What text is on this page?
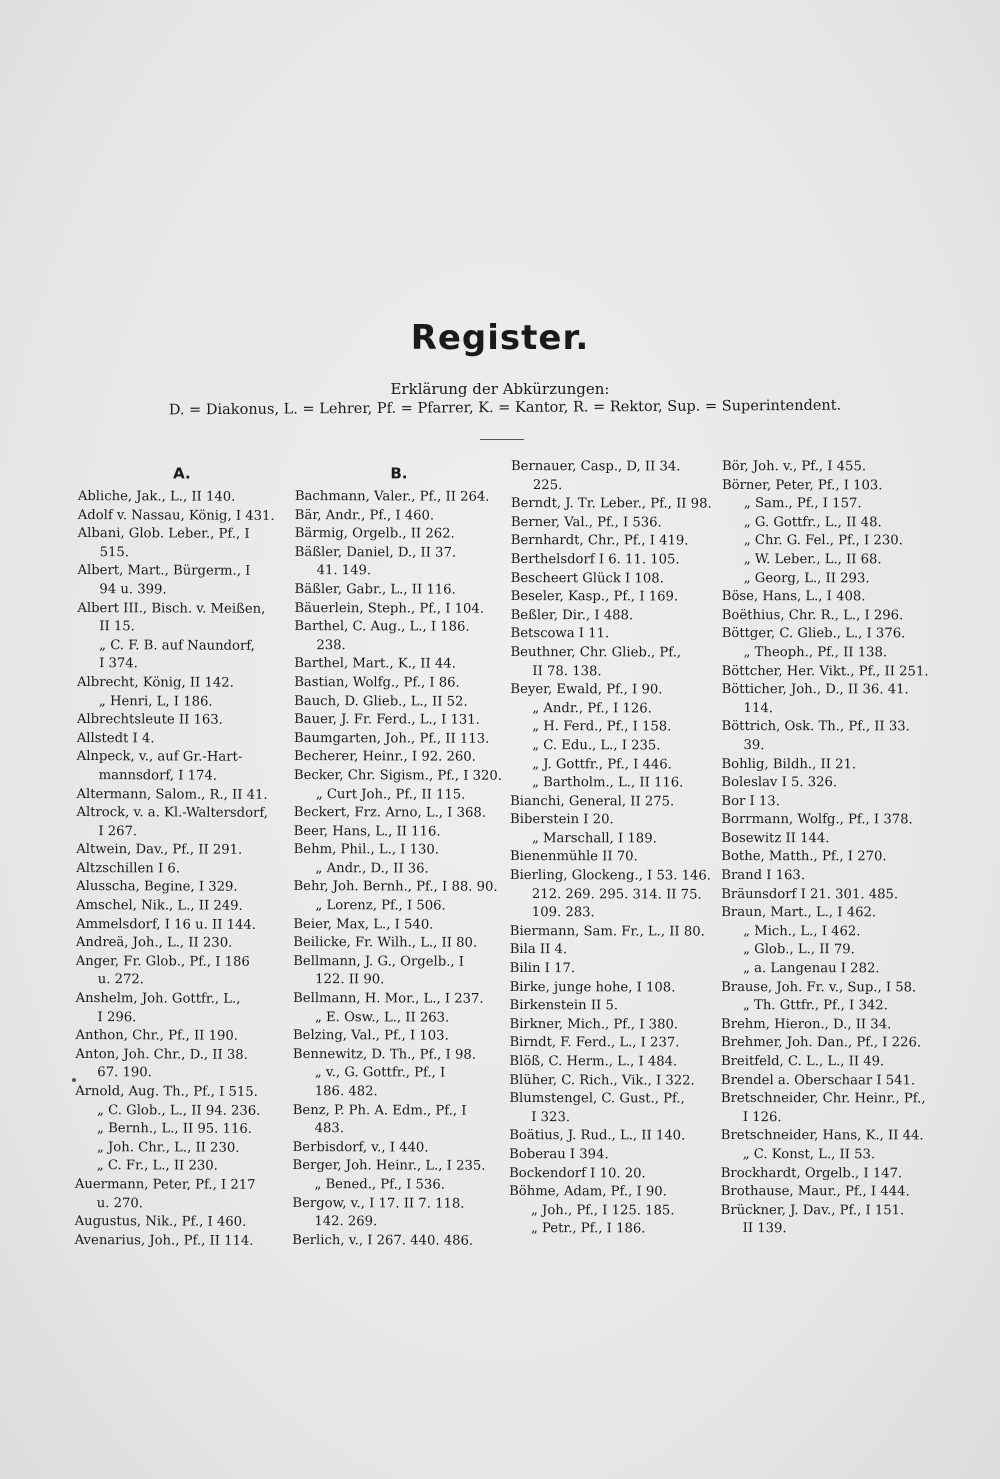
Register.
Erklärung der Abkürzungen:
D. = Diakonus, L. = Lehrer, Pf. = Pfarrer, K. = Kantor, R. = Rektor, Sup. = Superintendent.
A.
Abliche, Jak., L., II 140.
Adolf v. Nassau, König, I 431.
Albani, Glob. Leber., Pf., I
515.
Albert, Mart., Bürgerm., I
94 u. 399.
Albert III., Bisch. v. Meißen,
II 15.
„ C. F. B. auf Naundorf,
I 374.
Albrecht, König, II 142.
„ Henri, L, I 186.
Albrechtsleute II 163.
Allstedt I 4.
Alnpeck, v., auf Gr.-Hart-
mannsdorf, I 174.
Altermann, Salom., R., II 41.
Altrock, v. a. Kl.-Waltersdorf,
I 267.
Altwein, Dav., Pf., II 291.
Altzschillen I 6.
Alusscha, Begine, I 329.
Amschel, Nik., L., II 249.
Ammelsdorf, I 16 u. II 144.
Andreä, Joh., L., II 230.
Anger, Fr. Glob., Pf., I 186
u. 272.
Anshelm, Joh. Gottfr., L.,
I 296.
Anthon, Chr., Pf., II 190.
Anton, Joh. Chr., D., II 38.
67. 190.
Arnold, Aug. Th., Pf., I 515.
„ C. Glob., L., II 94. 236.
„ Bernh., L., II 95. 116.
„ Joh. Chr., L., II 230.
„ C. Fr., L., II 230.
Auermann, Peter, Pf., I 217
u. 270.
Augustus, Nik., Pf., I 460.
Avenarius, Joh., Pf., II 114.
B.
Bachmann, Valer., Pf., II 264.
Bär, Andr., Pf., I 460.
Bärmig, Orgelb., II 262.
Bäßler, Daniel, D., II 37.
41. 149.
Bäßler, Gabr., L., II 116.
Bäuerlein, Steph., Pf., I 104.
Barthel, C. Aug., L., I 186.
238.
Barthel, Mart., K., II 44.
Bastian, Wolfg., Pf., I 86.
Bauch, D. Glieb., L., II 52.
Bauer, J. Fr. Ferd., L., I 131.
Baumgarten, Joh., Pf., II 113.
Becherer, Heinr., I 92. 260.
Becker, Chr. Sigism., Pf., I 320.
„ Curt Joh., Pf., II 115.
Beckert, Frz. Arno, L., I 368.
Beer, Hans, L., II 116.
Behm, Phil., L., I 130.
„ Andr., D., II 36.
Behr, Joh. Bernh., Pf., I 88. 90.
„ Lorenz, Pf., I 506.
Beier, Max, L., I 540.
Beilicke, Fr. Wilh., L., II 80.
Bellmann, J. G., Orgelb., I
122. II 90.
Bellmann, H. Mor., L., I 237.
„ E. Osw., L., II 263.
Belzing, Val., Pf., I 103.
Bennewitz, D. Th., Pf., I 98.
„ v., G. Gottfr., Pf., I
186. 482.
Benz, P. Ph. A. Edm., Pf., I
483.
Berbisdorf, v., I 440.
Berger, Joh. Heinr., L., I 235.
„ Bened., Pf., I 536.
Bergow, v., I 17. II 7. 118.
142. 269.
Berlich, v., I 267. 440. 486.
Bernauer, Casp., D, II 34.
225.
Berndt, J. Tr. Leber., Pf., II 98.
Berner, Val., Pf., I 536.
Bernhardt, Chr., Pf., I 419.
Berthelsdorf I 6. 11. 105.
Bescheert Glück I 108.
Beseler, Kasp., Pf., I 169.
Beßler, Dir., I 488.
Betscowa I 11.
Beuthner, Chr. Glieb., Pf.,
II 78. 138.
Beyer, Ewald, Pf., I 90.
„ Andr., Pf., I 126.
„ H. Ferd., Pf., I 158.
„ C. Edu., L., I 235.
„ J. Gottfr., Pf., I 446.
„ Bartholm., L., II 116.
Bianchi, General, II 275.
Biberstein I 20.
„ Marschall, I 189.
Bienenmühle II 70.
Bierling, Glockeng., I 53. 146.
212. 269. 295. 314. II 75.
109. 283.
Biermann, Sam. Fr., L., II 80.
Bila II 4.
Bilin I 17.
Birke, junge hohe, I 108.
Birkenstein II 5.
Birkner, Mich., Pf., I 380.
Birndt, F. Ferd., L., I 237.
Blöß, C. Herm., L., I 484.
Blüher, C. Rich., Vik., I 322.
Blumstengel, C. Gust., Pf.,
I 323.
Boätius, J. Rud., L., II 140.
Boberau I 394.
Bockendorf I 10. 20.
Böhme, Adam, Pf., I 90.
„ Joh., Pf., I 125. 185.
„ Petr., Pf., I 186.
Bör, Joh. v., Pf., I 455.
Börner, Peter, Pf., I 103.
„ Sam., Pf., I 157.
„ G. Gottfr., L., II 48.
„ Chr. G. Fel., Pf., I 230.
„ W. Leber., L., II 68.
„ Georg, L., II 293.
Böse, Hans, L., I 408.
Boëthius, Chr. R., L., I 296.
Böttger, C. Glieb., L., I 376.
„ Theoph., Pf., II 138.
Böttcher, Her. Vikt., Pf., II 251.
Bötticher, Joh., D., II 36. 41.
114.
Böttrich, Osk. Th., Pf., II 33.
39.
Bohlig, Bildh., II 21.
Boleslav I 5. 326.
Bor I 13.
Borrmann, Wolfg., Pf., I 378.
Bosewitz II 144.
Bothe, Matth., Pf., I 270.
Brand I 163.
Bräunsdorf I 21. 301. 485.
Braun, Mart., L., I 462.
„ Mich., L., I 462.
„ Glob., L., II 79.
„ a. Langenau I 282.
Brause, Joh. Fr. v., Sup., I 58.
„ Th. Gttfr., Pf., I 342.
Brehm, Hieron., D., II 34.
Brehmer, Joh. Dan., Pf., I 226.
Breitfeld, C. L., L., II 49.
Brendel a. Oberschaar I 541.
Bretschneider, Chr. Heinr., Pf.,
I 126.
Bretschneider, Hans, K., II 44.
„ C. Konst, L., II 53.
Brockhardt, Orgelb., I 147.
Brothause, Maur., Pf., I 444.
Brückner, J. Dav., Pf., I 151.
II 139.
